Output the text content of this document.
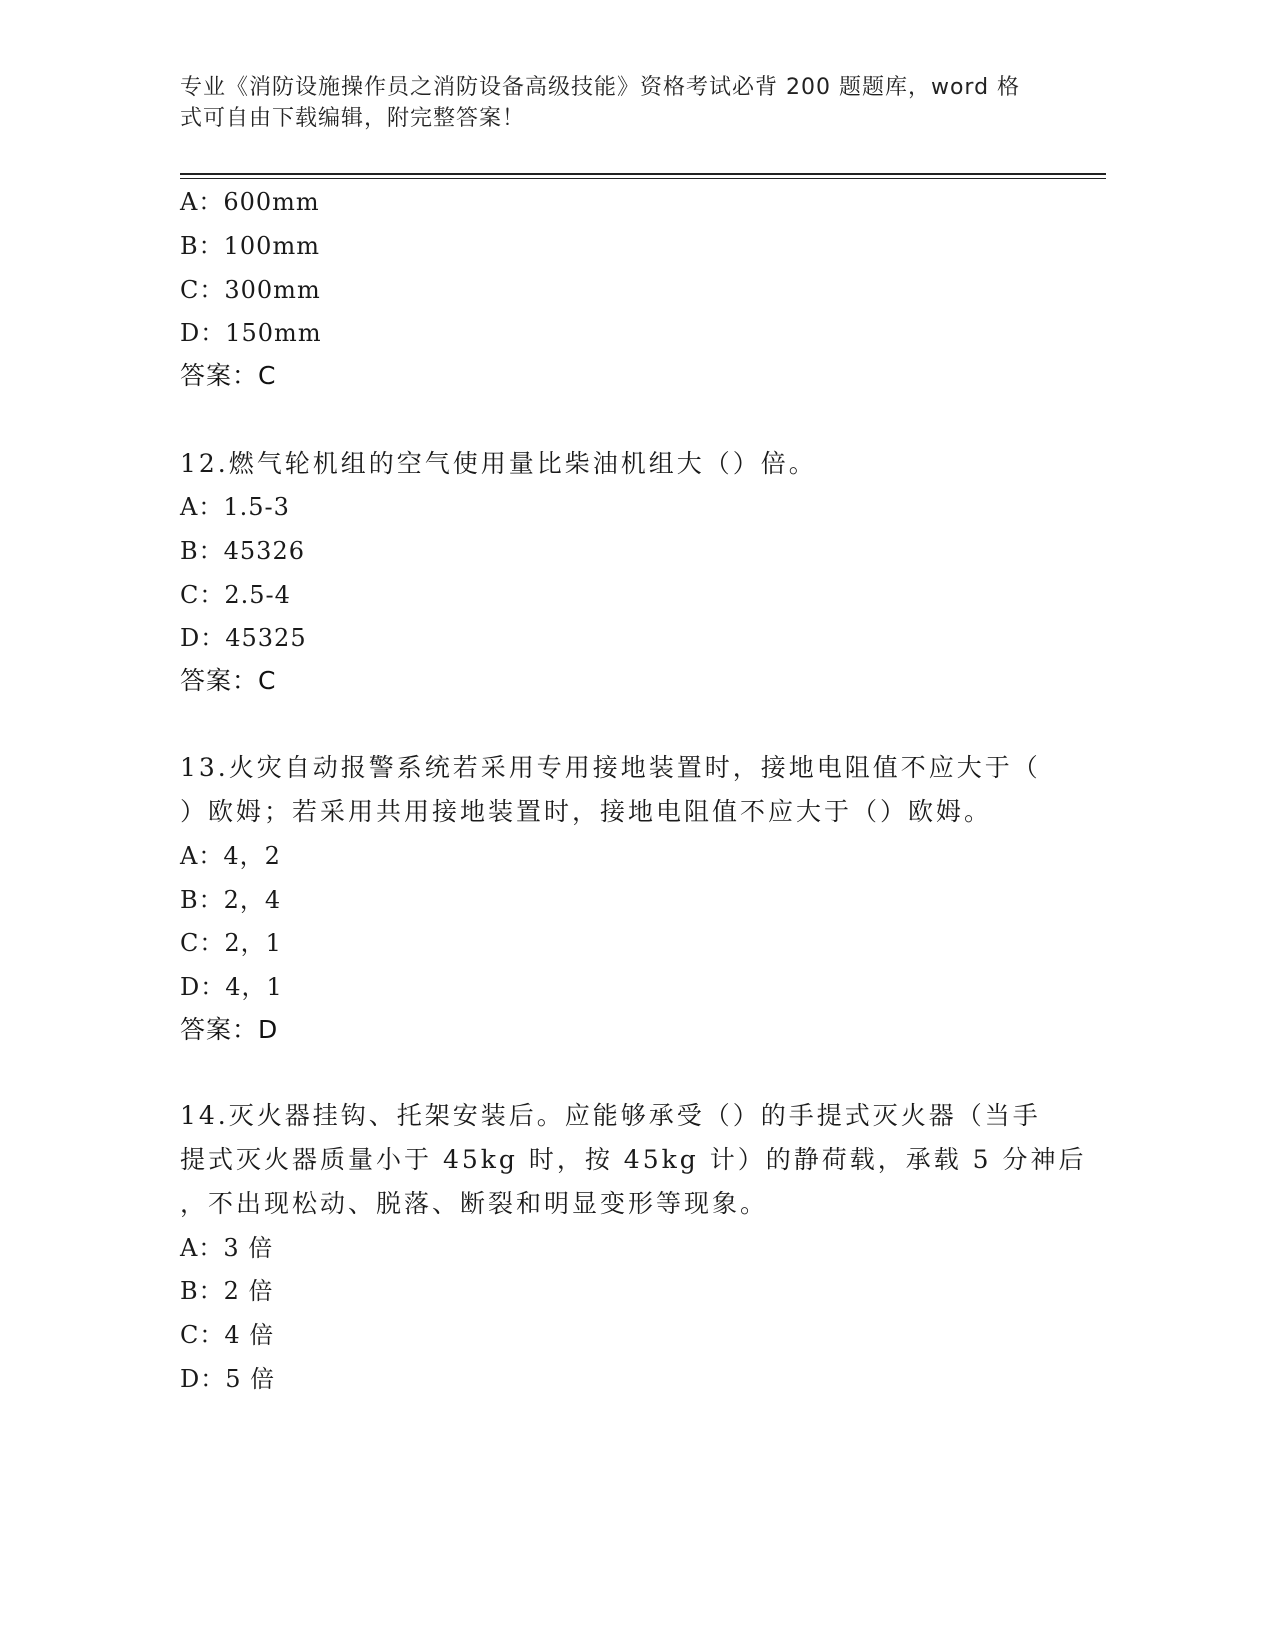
专业《消防设施操作员之消防设备高级技能》资格考试必背 200 题题库，word 格
式可自由下载编辑，附完整答案！
A：600mm
B：100mm
C：300mm
D：150mm
答案：C
12.燃气轮机组的空气使用量比柴油机组大（）倍。
A：1.5-3
B：45326
C：2.5-4
D：45325
答案：C
13.火灾自动报警系统若采用专用接地装置时，接地电阻值不应大于（
）欧姆；若采用共用接地装置时，接地电阻值不应大于（）欧姆。
A：4，2
B：2，4
C：2，1
D：4，1
答案：D
14.灭火器挂钩、托架安装后。应能够承受（）的手提式灭火器（当手
提式灭火器质量小于 45kg 时，按 45kg 计）的静荷载，承载 5 分神后
，不出现松动、脱落、断裂和明显变形等现象。
A：3 倍
B：2 倍
C：4 倍
D：5 倍
